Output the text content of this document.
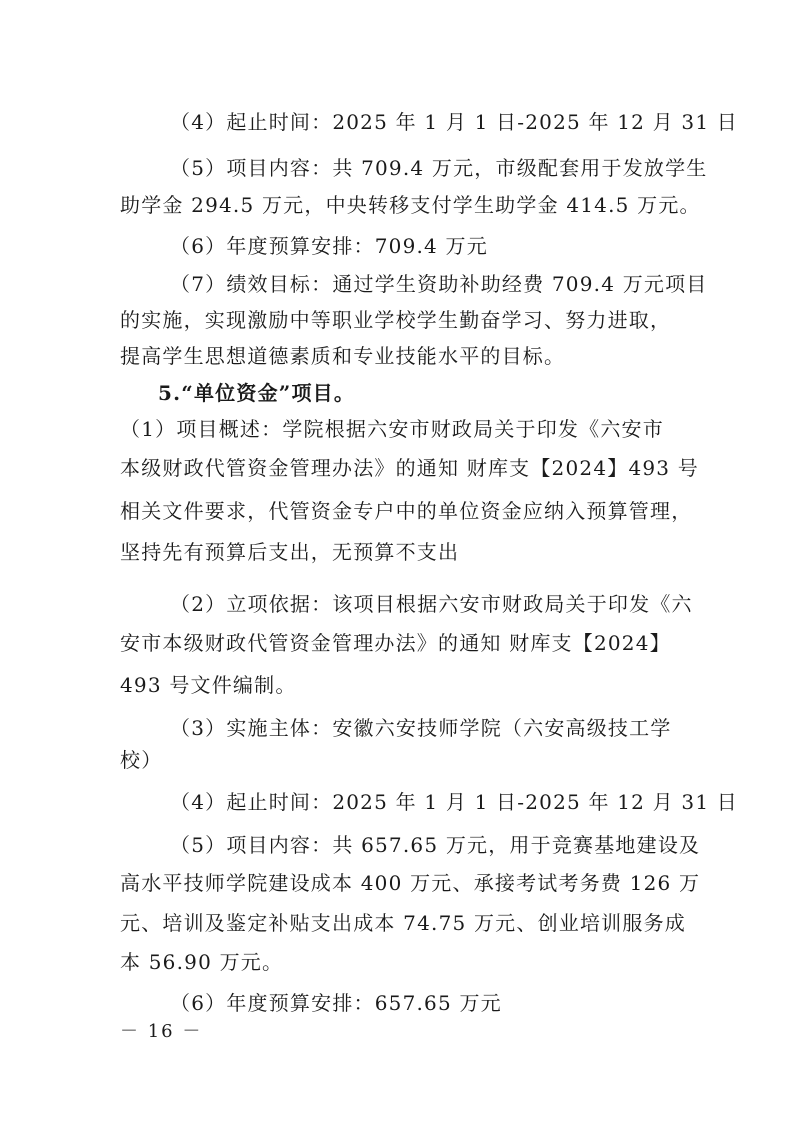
（4）起止时间：2025 年 1 月 1 日-2025 年 12 月 31 日
（5）项目内容：共 709.4 万元，市级配套用于发放学生
助学金 294.5 万元，中央转移支付学生助学金 414.5 万元。
（6）年度预算安排：709.4 万元
（7）绩效目标：通过学生资助补助经费 709.4 万元项目
的实施，实现激励中等职业学校学生勤奋学习、努力进取，
提高学生思想道德素质和专业技能水平的目标。
5.“单位资金”项目。
（1）项目概述：学院根据六安市财政局关于印发《六安市
本级财政代管资金管理办法》的通知 财库支【2024】493 号
相关文件要求，代管资金专户中的单位资金应纳入预算管理，
坚持先有预算后支出，无预算不支出
（2）立项依据：该项目根据六安市财政局关于印发《六
安市本级财政代管资金管理办法》的通知 财库支【2024】
493 号文件编制。
（3）实施主体：安徽六安技师学院（六安高级技工学
校）
（4）起止时间：2025 年 1 月 1 日-2025 年 12 月 31 日
（5）项目内容：共 657.65 万元，用于竞赛基地建设及
高水平技师学院建设成本 400 万元、承接考试考务费 126 万
元、培训及鉴定补贴支出成本 74.75 万元、创业培训服务成
本 56.90 万元。
（6）年度预算安排：657.65 万元
－ 16 －
